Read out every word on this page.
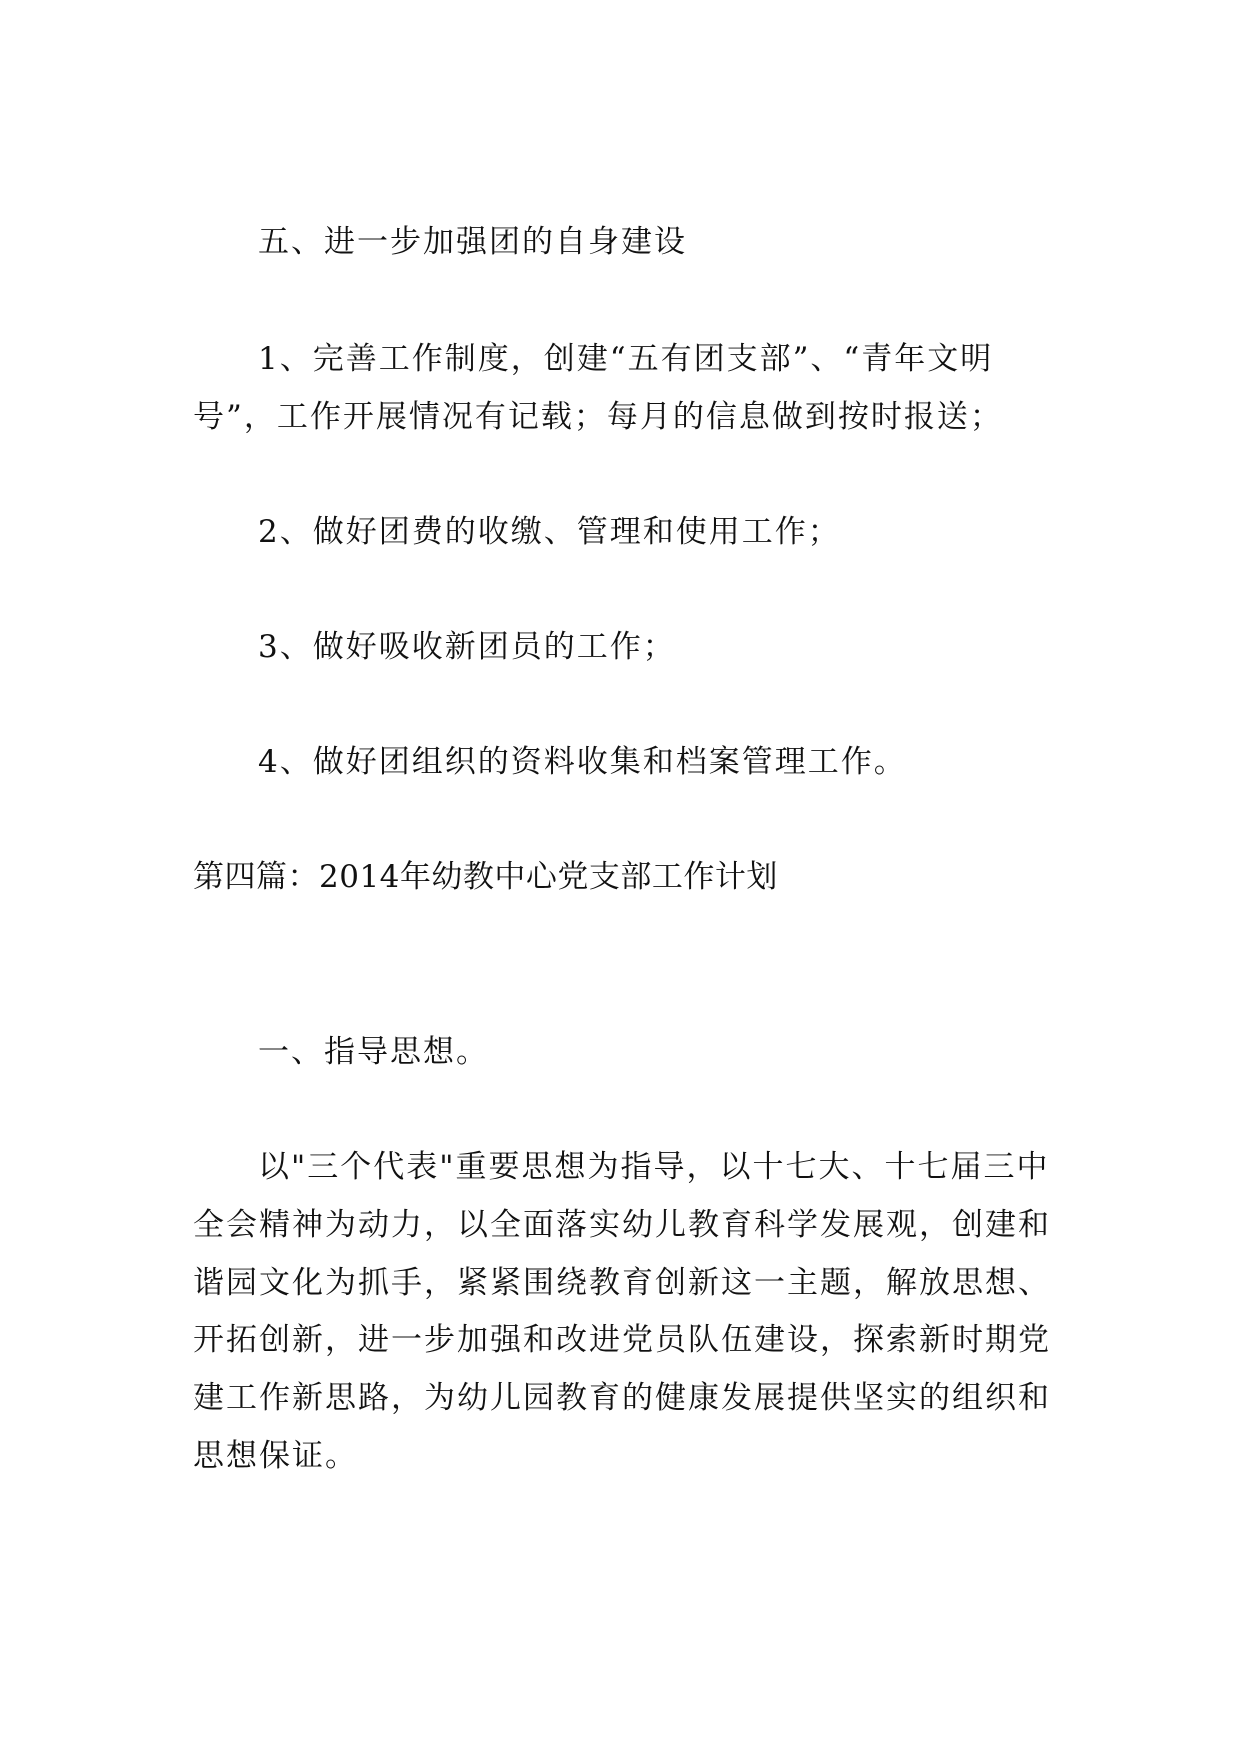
五、进一步加强团的自身建设
1、完善工作制度，创建“五有团支部”、“青年文明
号”，工作开展情况有记载；每月的信息做到按时报送；
2、做好团费的收缴、管理和使用工作；
3、做好吸收新团员的工作；
4、做好团组织的资料收集和档案管理工作。
第四篇：2014年幼教中心党支部工作计划
一、指导思想。
以"三个代表"重要思想为指导，以十七大、十七届三中
全会精神为动力，以全面落实幼儿教育科学发展观，创建和
谐园文化为抓手，紧紧围绕教育创新这一主题，解放思想、
开拓创新，进一步加强和改进党员队伍建设，探索新时期党
建工作新思路，为幼儿园教育的健康发展提供坚实的组织和
思想保证。
